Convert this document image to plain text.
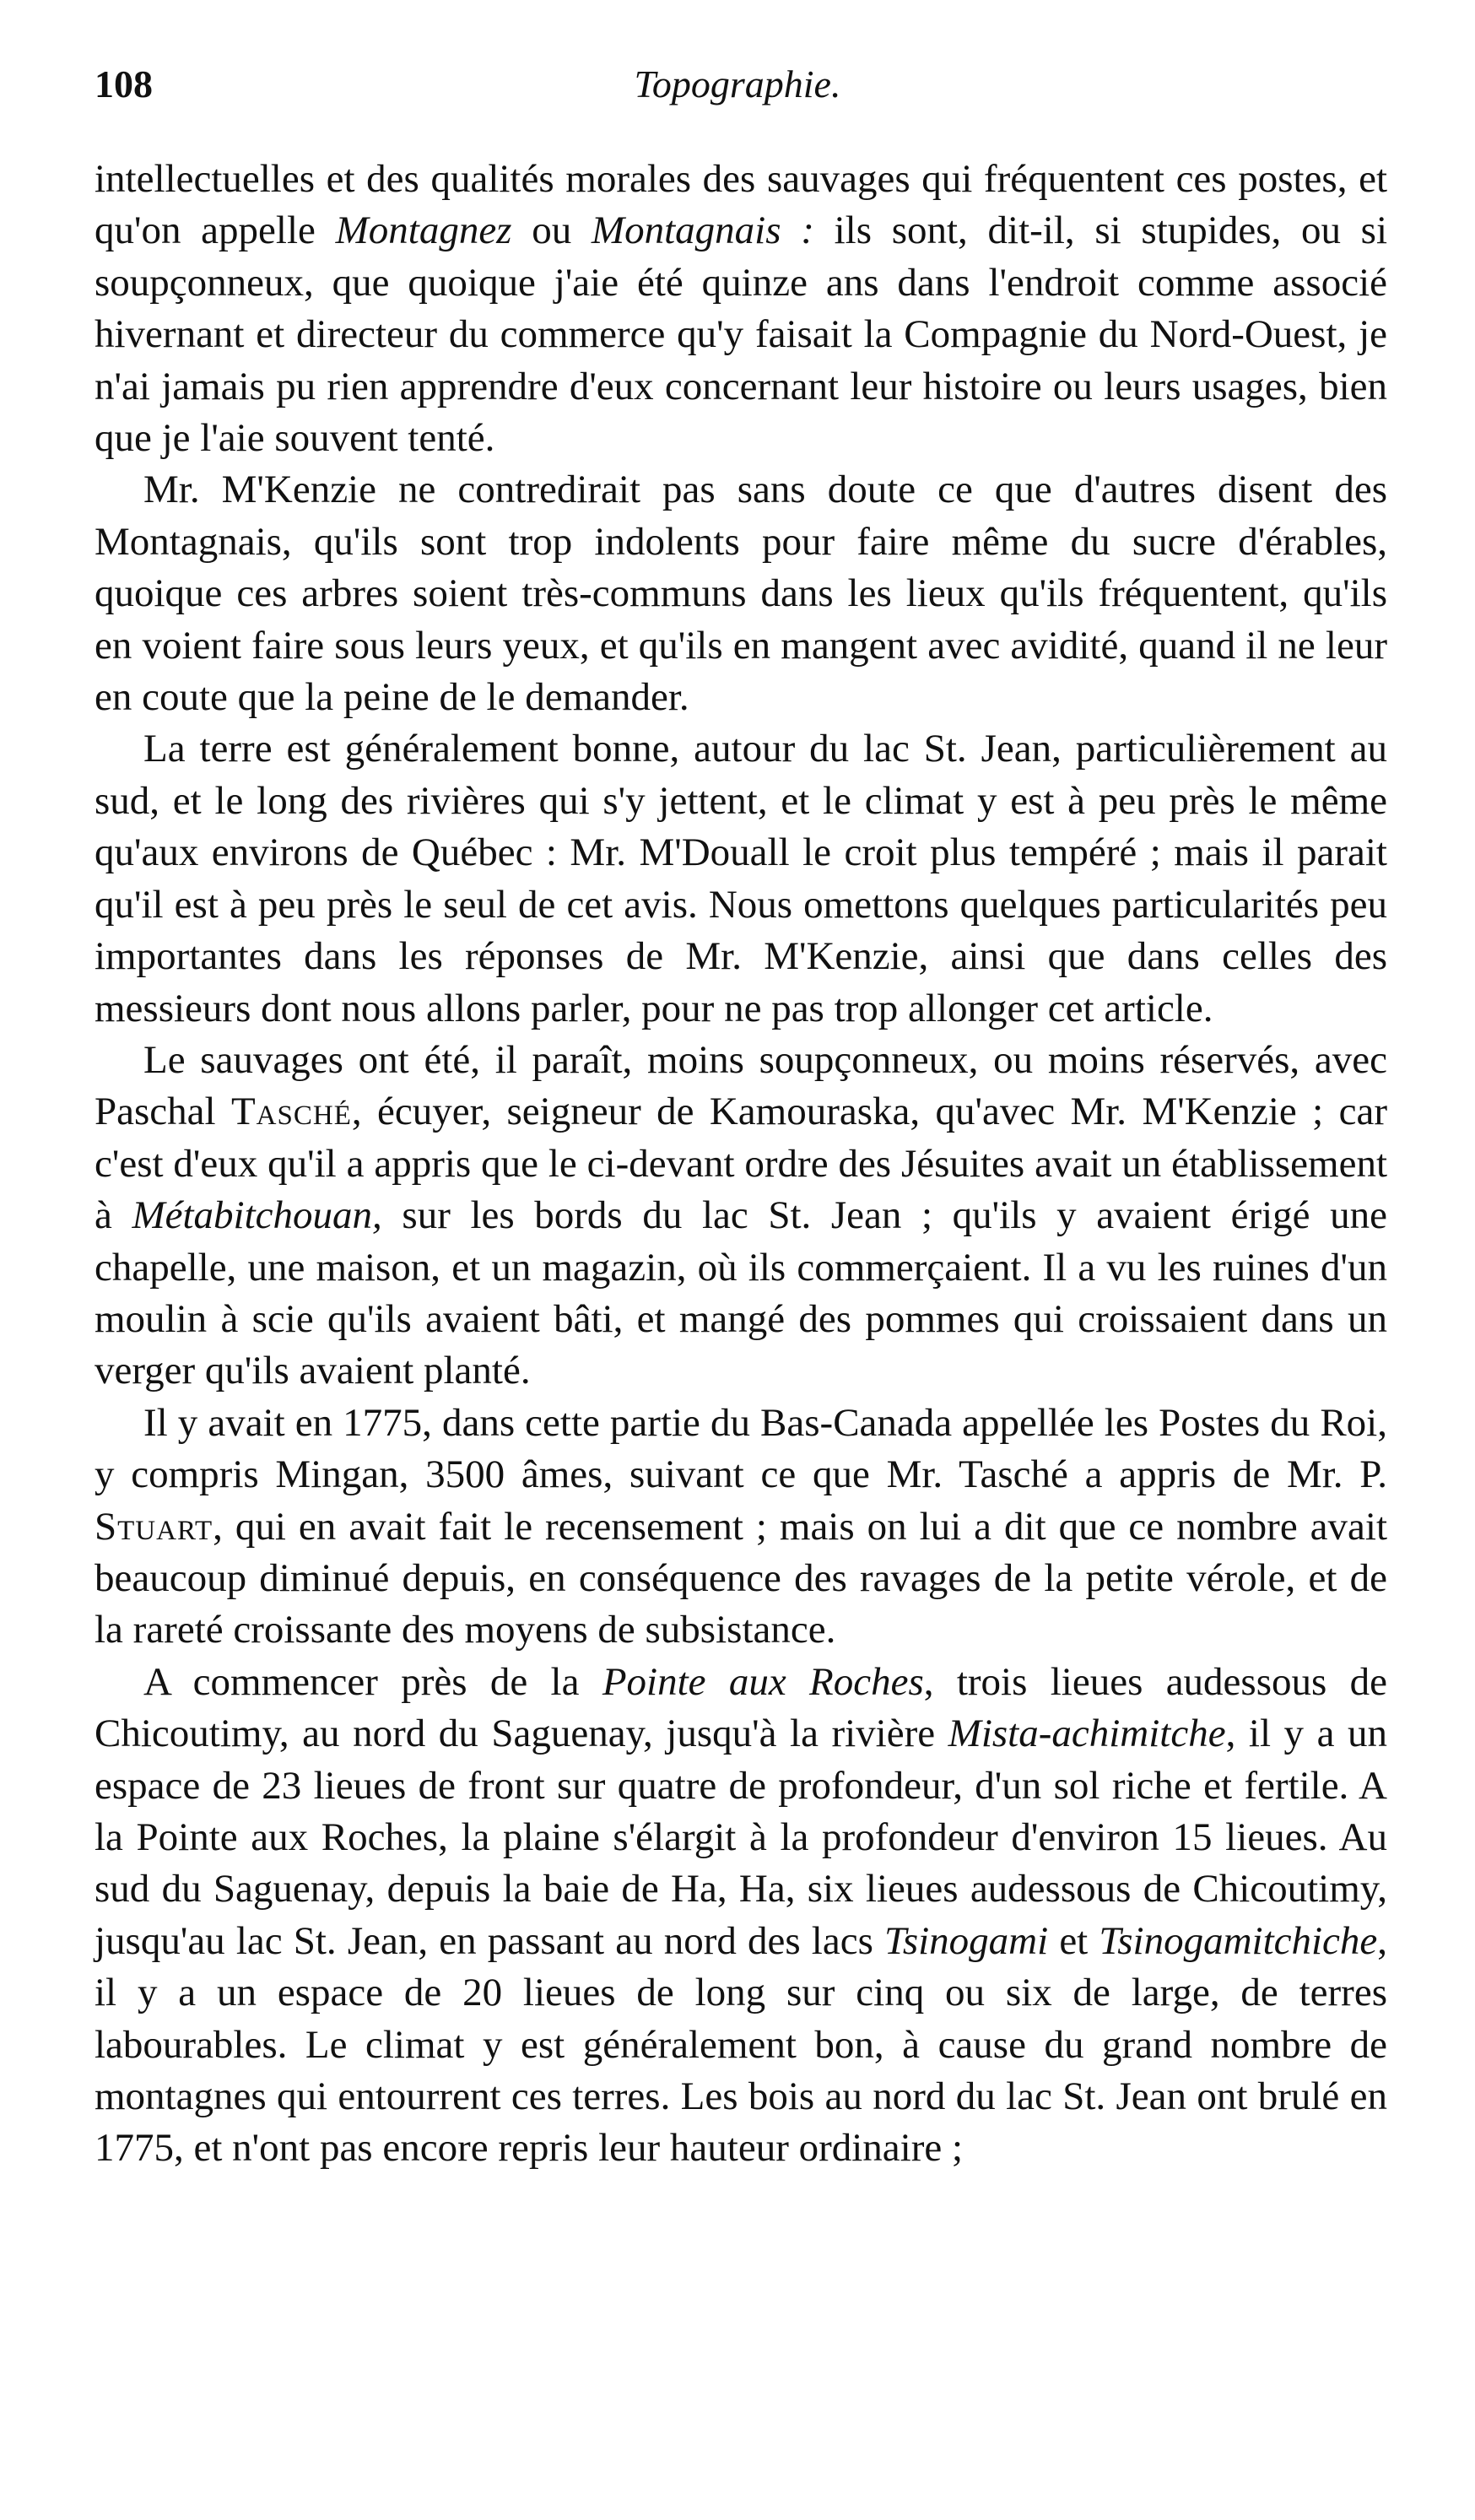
108	Topographie.

intellectuelles et des qualités morales des sauvages qui fréquentent ces postes, et qu'on appelle Montagnez ou Montagnais : ils sont, dit-il, si stupides, ou si soupçonneux, que quoique j'aie été quinze ans dans l'endroit comme associé hivernant et directeur du commerce qu'y faisait la Compagnie du Nord-Ouest, je n'ai jamais pu rien apprendre d'eux concernant leur histoire ou leurs usages, bien que je l'aie souvent tenté.

Mr. M'Kenzie ne contredirait pas sans doute ce que d'autres disent des Montagnais, qu'ils sont trop indolents pour faire même du sucre d'érables, quoique ces arbres soient très-communs dans les lieux qu'ils fréquentent, qu'ils en voient faire sous leurs yeux, et qu'ils en mangent avec avidité, quand il ne leur en coute que la peine de le demander.

La terre est généralement bonne, autour du lac St. Jean, particulièrement au sud, et le long des rivières qui s'y jettent, et le climat y est à peu près le même qu'aux environs de Québec : Mr. M'Douall le croit plus tempéré ; mais il parait qu'il est à peu près le seul de cet avis. Nous omettons quelques particularités peu importantes dans les réponses de Mr. M'Kenzie, ainsi que dans celles des messieurs dont nous allons parler, pour ne pas trop allonger cet article.

Le sauvages ont été, il paraît, moins soupçonneux, ou moins réservés, avec Paschal Tasché, écuyer, seigneur de Kamouraska, qu'avec Mr. M'Kenzie ; car c'est d'eux qu'il a appris que le ci-devant ordre des Jésuites avait un établissement à Métabitchouan, sur les bords du lac St. Jean ; qu'ils y avaient érigé une chapelle, une maison, et un magazin, où ils commerçaient. Il a vu les ruines d'un moulin à scie qu'ils avaient bâti, et mangé des pommes qui croissaient dans un verger qu'ils avaient planté.

Il y avait en 1775, dans cette partie du Bas-Canada appellée les Postes du Roi, y compris Mingan, 3500 âmes, suivant ce que Mr. Tasché a appris de Mr. P. Stuart, qui en avait fait le recensement ; mais on lui a dit que ce nombre avait beaucoup diminué depuis, en conséquence des ravages de la petite vérole, et de la rareté croissante des moyens de subsistance.

A commencer près de la Pointe aux Roches, trois lieues audessous de Chicoutimy, au nord du Saguenay, jusqu'à la rivière Mista-achimitche, il y a un espace de 23 lieues de front sur quatre de profondeur, d'un sol riche et fertile. A la Pointe aux Roches, la plaine s'élargit à la profondeur d'environ 15 lieues. Au sud du Saguenay, depuis la baie de Ha, Ha, six lieues audessous de Chicoutimy, jusqu'au lac St. Jean, en passant au nord des lacs Tsinogami et Tsinogamitchiche, il y a un espace de 20 lieues de long sur cinq ou six de large, de terres labourables. Le climat y est généralement bon, à cause du grand nombre de montagnes qui entourrent ces terres. Les bois au nord du lac St. Jean ont brulé en 1775, et n'ont pas encore repris leur hauteur ordinaire ;
